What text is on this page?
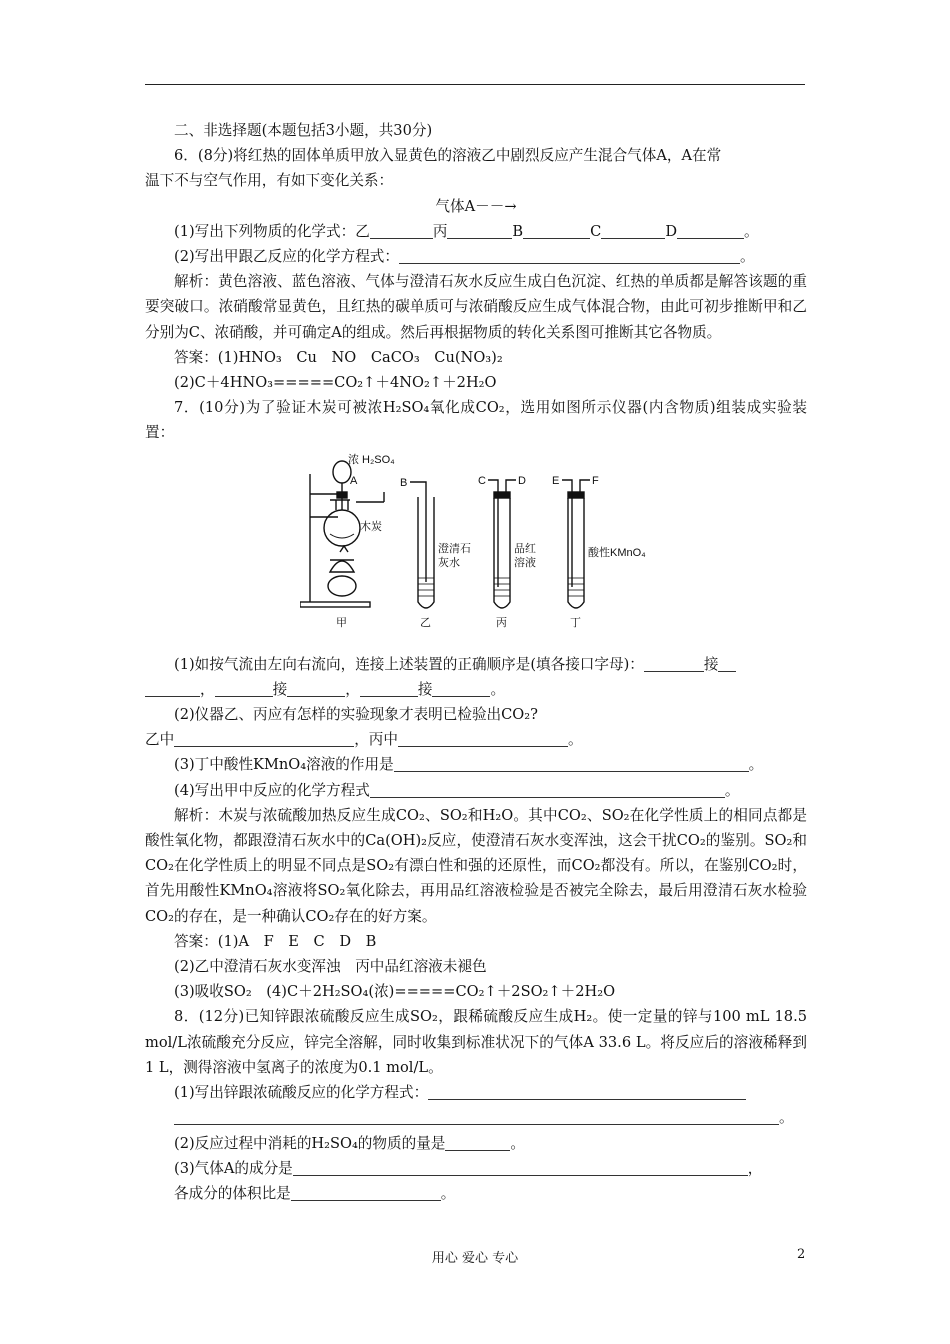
二、非选择题(本题包括3小题，共30分)

6．(8分)将红热的固体单质甲放入显黄色的溶液乙中剧烈反应产生混合气体A，A在常

温下不与空气作用，有如下变化关系：

气体A－－→

(1)写出下列物质的化学式：乙	丙	B	C	D	。

(2)写出甲跟乙反应的化学方程式：	。

解析：黄色溶液、蓝色溶液、气体与澄清石灰水反应生成白色沉淀、红热的单质都是解答该题的重要突破口。浓硝酸常显黄色，且红热的碳单质可与浓硝酸反应生成气体混合物，由此可初步推断甲和乙分别为C、浓硝酸，并可确定A的组成。然后再根据物质的转化关系图可推断其它各物质。

答案：(1)HNO₃　Cu　NO　CaCO₃　Cu(NO₃)₂

(2)C＋4HNO₃=====CO₂↑＋4NO₂↑＋2H₂O

7．(10分)为了验证木炭可被浓H₂SO₄氧化成CO₂，选用如图所示仪器(内含物质)组装成实验装置：

浓 H₂SO₄
A
木炭
B
澄清石
灰水
C	D
品红
溶液
E	F
酸性KMnO₄
甲	乙	丙	丁

(1)如按气流由左向右流向，连接上述装置的正确顺序是(填各接口字母)：	接

，	接	，	接	。

(2)仪器乙、丙应有怎样的实验现象才表明已检验出CO₂?

乙中	，丙中	。

(3)丁中酸性KMnO₄溶液的作用是	。

(4)写出甲中反应的化学方程式	。

解析：木炭与浓硫酸加热反应生成CO₂、SO₂和H₂O。其中CO₂、SO₂在化学性质上的相同点都是酸性氧化物，都跟澄清石灰水中的Ca(OH)₂反应，使澄清石灰水变浑浊，这会干扰CO₂的鉴别。SO₂和CO₂在化学性质上的明显不同点是SO₂有漂白性和强的还原性，而CO₂都没有。所以，在鉴别CO₂时，首先用酸性KMnO₄溶液将SO₂氧化除去，再用品红溶液检验是否被完全除去，最后用澄清石灰水检验CO₂的存在，是一种确认CO₂存在的好方案。

答案：(1)A　F　E　C　D　B

(2)乙中澄清石灰水变浑浊　丙中品红溶液未褪色

(3)吸收SO₂　(4)C＋2H₂SO₄(浓)=====CO₂↑＋2SO₂↑＋2H₂O

8．(12分)已知锌跟浓硫酸反应生成SO₂，跟稀硫酸反应生成H₂。使一定量的锌与100 mL 18.5 mol/L浓硫酸充分反应，锌完全溶解，同时收集到标准状况下的气体A 33.6 L。将反应后的溶液稀释到1 L，测得溶液中氢离子的浓度为0.1 mol/L。

(1)写出锌跟浓硫酸反应的化学方程式：

。

(2)反应过程中消耗的H₂SO₄的物质的量是	。

(3)气体A的成分是	，

各成分的体积比是	。

用心 爱心 专心	2
